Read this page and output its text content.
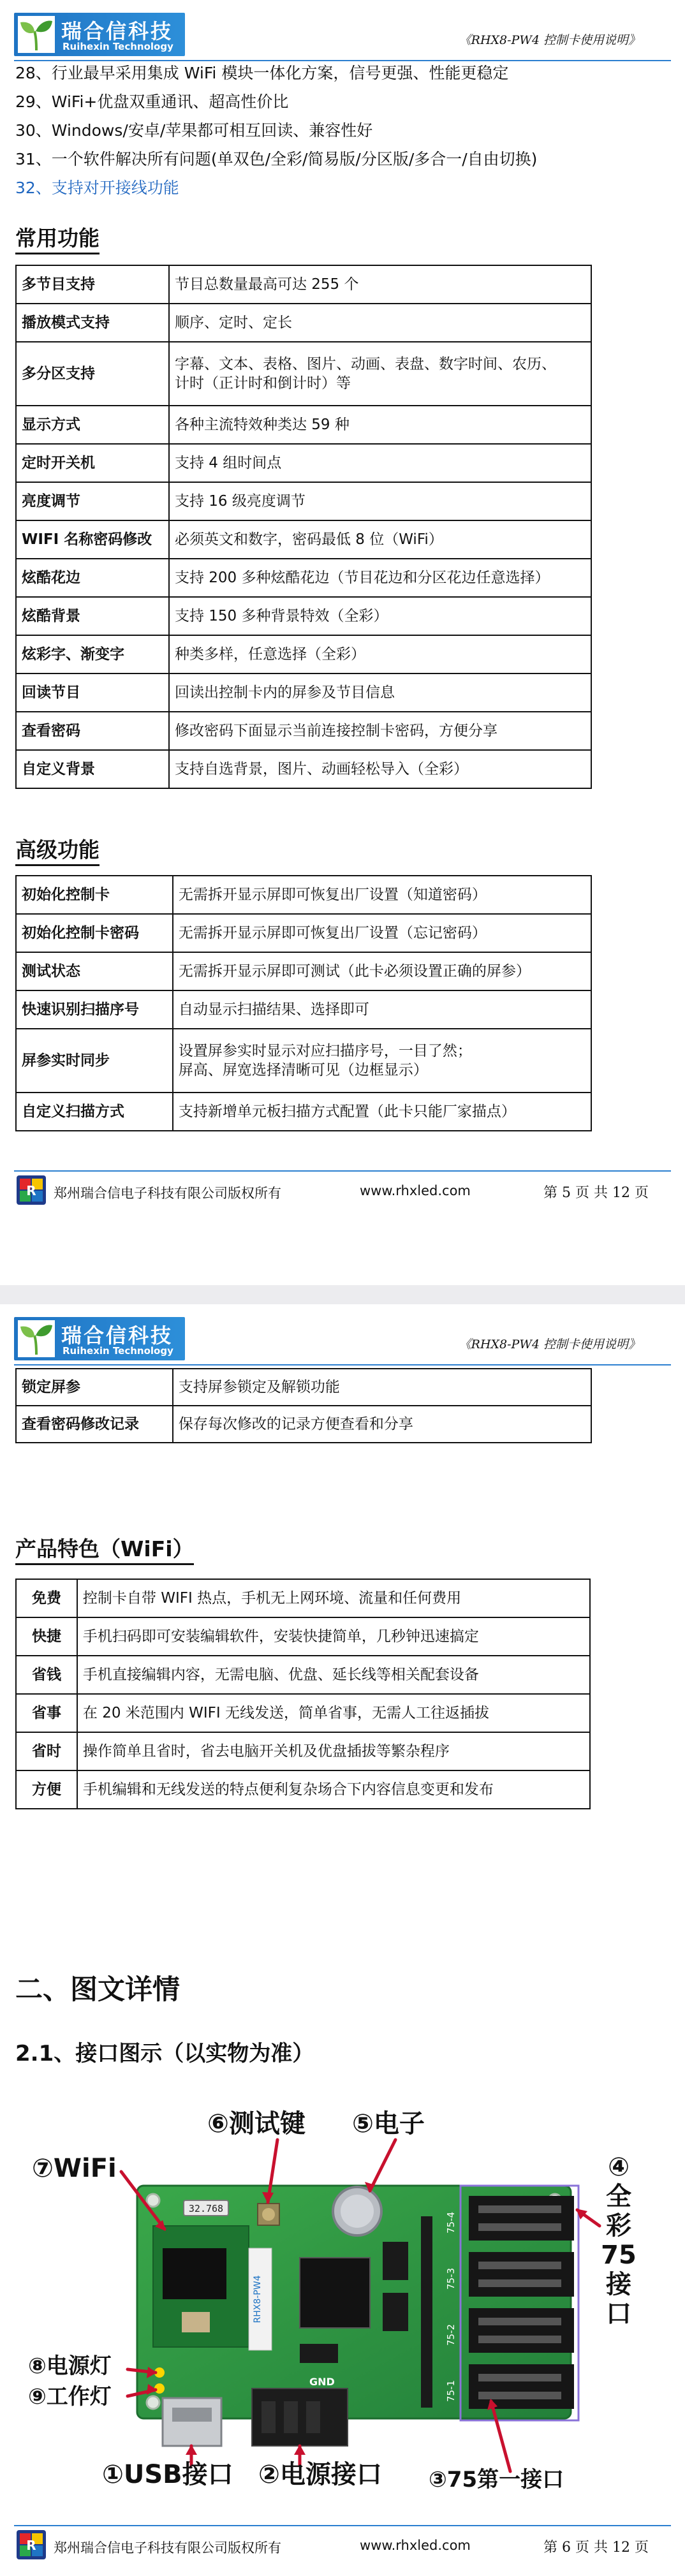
瑞合信科技
Ruihexin Technology	《RHX8-PW4 控制卡使用说明》
28、行业最早采用集成 WiFi 模块一体化方案，信号更强、性能更稳定
29、WiFi+优盘双重通讯、超高性价比
30、Windows/安卓/苹果都可相互回读、兼容性好
31、一个软件解决所有问题(单双色/全彩/简易版/分区版/多合一/自由切换)
32、支持对开接线功能
常用功能
多节目支持	节目总数量最高可达 255 个
播放模式支持	顺序、定时、定长
多分区支持	字幕、文本、表格、图片、动画、表盘、数字时间、农历、
计时（正计时和倒计时）等

显示方式	各种主流特效种类达 59 种
定时开关机	支持 4 组时间点
亮度调节	支持 16 级亮度调节
WIFI 名称密码修改	必须英文和数字，密码最低 8 位（WiFi）
炫酷花边	支持 200 多种炫酷花边（节目花边和分区花边任意选择）
炫酷背景	支持 150 多种背景特效（全彩）
炫彩字、渐变字	种类多样，任意选择（全彩）
回读节目	回读出控制卡内的屏参及节目信息
查看密码	修改密码下面显示当前连接控制卡密码，方便分享
自定义背景	支持自选背景，图片、动画轻松导入（全彩）
高级功能
初始化控制卡	无需拆开显示屏即可恢复出厂设置（知道密码）
初始化控制卡密码	无需拆开显示屏即可恢复出厂设置（忘记密码）
测试状态	无需拆开显示屏即可测试（此卡必须设置正确的屏参）
快速识别扫描序号	自动显示扫描结果、选择即可
屏参实时同步	设置屏参实时显示对应扫描序号，一目了然；
屏高、屏宽选择清晰可见（边框显示）

自定义扫描方式	支持新增单元板扫描方式配置（此卡只能厂家描点）
R 郑州瑞合信电子科技有限公司版权所有	www.rhxled.com	第 5 页 共 12 页
瑞合信科技
Ruihexin Technology	《RHX8-PW4 控制卡使用说明》
锁定屏参	支持屏参锁定及解锁功能
查看密码修改记录	保存每次修改的记录方便查看和分享
产品特色（WiFi）
免费	控制卡自带 WIFI 热点，手机无上网环境、流量和任何费用
快捷	手机扫码即可安装编辑软件，安装快捷简单，几秒钟迅速搞定
省钱	手机直接编辑内容，无需电脑、优盘、延长线等相关配套设备
省事	在 20 米范围内 WIFI 无线发送，简单省事，无需人工往返插拔
省时	操作简单且省时，省去电脑开关机及优盘插拔等繁杂程序
方便	手机编辑和无线发送的特点便利复杂场合下内容信息变更和发布
二、图文详情
2.1、接口图示（以实物为准）
32.768
RHX8-PW4
GND
75-4
75-3
75-2
75-1
⑥测试键 ⑤电子
⑦WiFi
⑧电源灯
⑨工作灯
①USB接口 ②电源接口 ③75第一接口
④
全
彩
75
接
口
R 郑州瑞合信电子科技有限公司版权所有	www.rhxled.com	第 6 页 共 12 页
